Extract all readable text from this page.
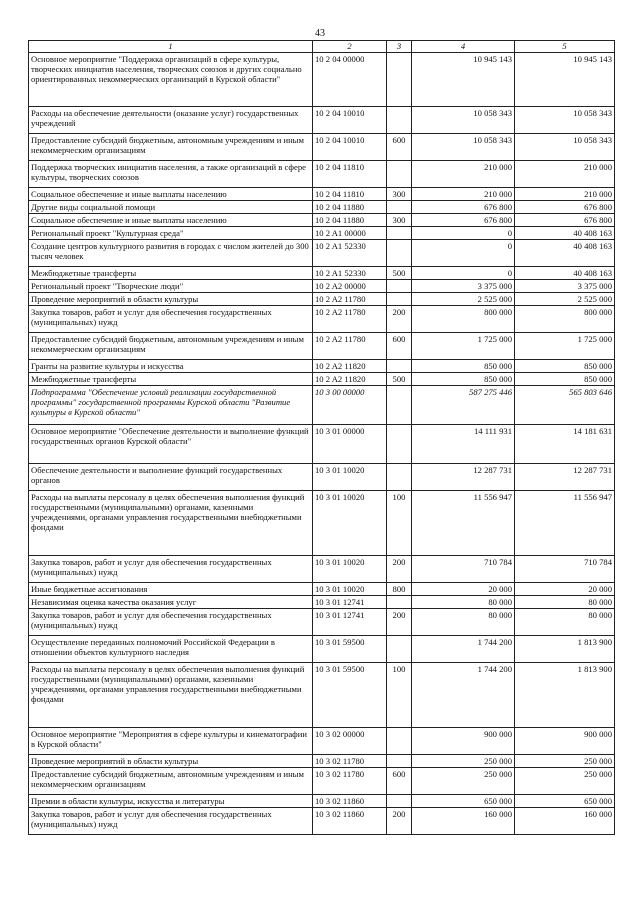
43
1	2	3	4	5
Основное мероприятие "Поддержка организаций в сфере культуры, творческих инициатив населения, творческих союзов и других социально ориентированных некоммерческих организаций в Курской области"	10 2 04 00000		10 945 143	10 945 143
Расходы на обеспечение деятельности (оказание услуг) государственных учреждений	10 2 04 10010		10 058 343	10 058 343
Предоставление субсидий бюджетным, автономным учреждениям и иным некоммерческим организациям	10 2 04 10010	600	10 058 343	10 058 343
Поддержка творческих инициатив населения, а также организаций в сфере культуры, творческих союзов	10 2 04 11810		210 000	210 000
Социальное обеспечение и иные выплаты населению	10 2 04 11810	300	210 000	210 000
Другие виды социальной помощи	10 2 04 11880		676 800	676 800
Социальное обеспечение и иные выплаты населению	10 2 04 11880	300	676 800	676 800
Региональный проект "Культурная среда"	10 2 A1 00000		0	40 408 163
Создание центров культурного развития в городах с числом жителей до 300 тысяч человек	10 2 A1 52330		0	40 408 163
Межбюджетные трансферты	10 2 A1 52330	500	0	40 408 163
Региональный проект "Творческие люди"	10 2 A2 00000		3 375 000	3 375 000
Проведение мероприятий в области культуры	10 2 A2 11780		2 525 000	2 525 000
Закупка товаров, работ и услуг для обеспечения государственных (муниципальных) нужд	10 2 A2 11780	200	800 000	800 000
Предоставление субсидий бюджетным, автономным учреждениям и иным некоммерческим организациям	10 2 A2 11780	600	1 725 000	1 725 000
Гранты на развитие культуры и искусства	10 2 A2 11820		850 000	850 000
Межбюджетные трансферты	10 2 A2 11820	500	850 000	850 000
Подпрограмма "Обеспечение условий реализации государственной программы" государственной программы Курской области "Развитие культуры в Курской области"	10 3 00 00000		587 275 446	565 803 646
Основное мероприятие "Обеспечение деятельности и выполнение функций государственных органов Курской области"	10 3 01 00000		14 111 931	14 181 631
Обеспечение деятельности и выполнение функций государственных органов	10 3 01 10020		12 287 731	12 287 731
Расходы на выплаты персоналу в целях обеспечения выполнения функций государственными (муниципальными) органами, казенными учреждениями, органами управления государственными внебюджетными фондами	10 3 01 10020	100	11 556 947	11 556 947
Закупка товаров, работ и услуг для обеспечения государственных (муниципальных) нужд	10 3 01 10020	200	710 784	710 784
Иные бюджетные ассигнования	10 3 01 10020	800	20 000	20 000
Независимая оценка качества оказания услуг	10 3 01 12741		80 000	80 000
Закупка товаров, работ и услуг для обеспечения государственных (муниципальных) нужд	10 3 01 12741	200	80 000	80 000
Осуществление переданных полномочий Российской Федерации в отношении объектов культурного наследия	10 3 01 59500		1 744 200	1 813 900
Расходы на выплаты персоналу в целях обеспечения выполнения функций государственными (муниципальными) органами, казенными учреждениями, органами управления государственными внебюджетными фондами	10 3 01 59500	100	1 744 200	1 813 900
Основное мероприятие "Мероприятия в сфере культуры и кинематографии в Курской области"	10 3 02 00000		900 000	900 000
Проведение мероприятий в области культуры	10 3 02 11780		250 000	250 000
Предоставление субсидий бюджетным, автономным учреждениям и иным некоммерческим организациям	10 3 02 11780	600	250 000	250 000
Премии в области культуры, искусства и литературы	10 3 02 11860		650 000	650 000
Закупка товаров, работ и услуг для обеспечения государственных (муниципальных) нужд	10 3 02 11860	200	160 000	160 000
